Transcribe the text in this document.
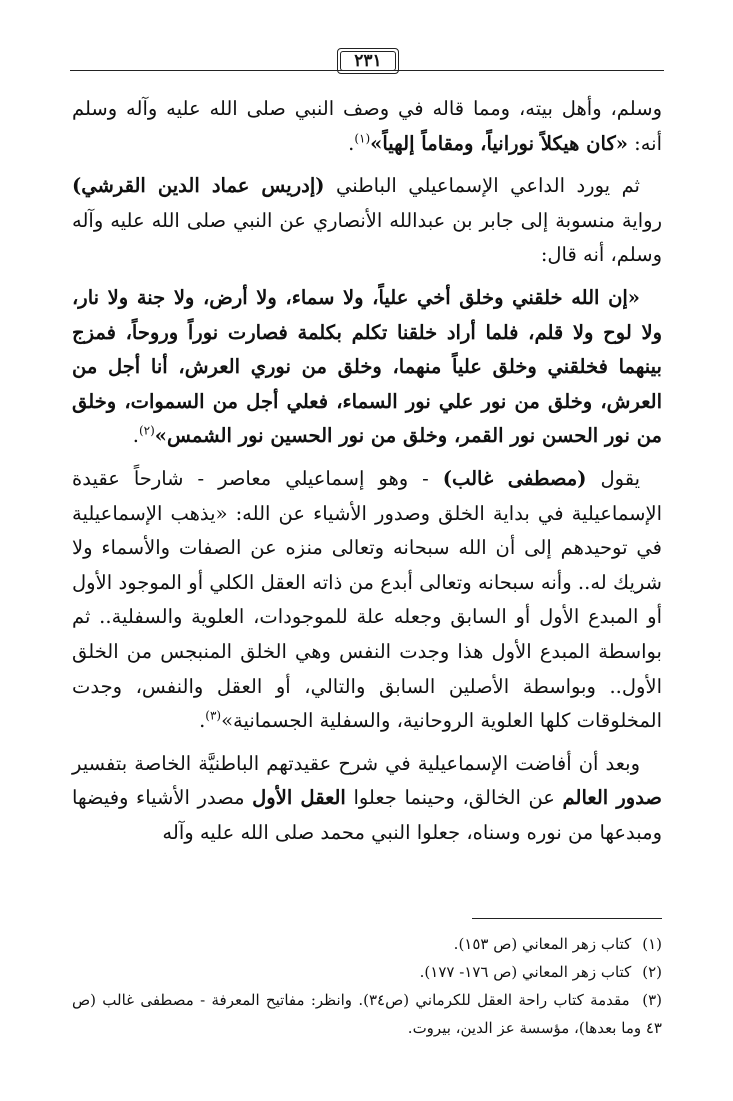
٢٣١

وسلم، وأهل بيته، ومما قاله في وصف النبي صلى الله عليه وآله وسلم أنه: «كان هيكلاً نورانياً، ومقاماً إلهياً»$^{(١)}$.

ثم يورد الداعي الإسماعيلي الباطني (إدريس عماد الدين القرشي) رواية منسوبة إلى جابر بن عبدالله الأنصاري عن النبي صلى الله عليه وآله وسلم، أنه قال:

«إن الله خلقني وخلق أخي علياً، ولا سماء، ولا أرض، ولا جنة ولا نار، ولا لوح ولا قلم، فلما أراد خلقنا تكلم بكلمة فصارت نوراً وروحاً، فمزج بينهما فخلقني وخلق علياً منهما، وخلق من نوري العرش، أنا أجل من العرش، وخلق من نور علي نور السماء، فعلي أجل من السموات، وخلق من نور الحسن نور القمر، وخلق من نور الحسين نور الشمس»$^{(٢)}$.

يقول (مصطفى غالب) - وهو إسماعيلي معاصر - شارحاً عقيدة الإسماعيلية في بداية الخلق وصدور الأشياء عن الله: «يذهب الإسماعيلية في توحيدهم إلى أن الله سبحانه وتعالى منزه عن الصفات والأسماء ولا شريك له.. وأنه سبحانه وتعالى أبدع من ذاته العقل الكلي أو الموجود الأول أو المبدع الأول أو السابق وجعله علة للموجودات، العلوية والسفلية.. ثم بواسطة المبدع الأول هذا وجدت النفس وهي الخلق المنبجس من الخلق الأول.. وبواسطة الأصلين السابق والتالي، أو العقل والنفس، وجدت المخلوقات كلها العلوية الروحانية، والسفلية الجسمانية»$^{(٣)}$.

وبعد أن أفاضت الإسماعيلية في شرح عقيدتهم الباطنيَّة الخاصة بتفسير صدور العالم عن الخالق، وحينما جعلوا العقل الأول مصدر الأشياء وفيضها ومبدعها من نوره وسناه، جعلوا النبي محمد صلى الله عليه وآله

(١) كتاب زهر المعاني (ص ١٥٣).

(٢) كتاب زهر المعاني (ص ١٧٦- ١٧٧).

(٣) مقدمة كتاب راحة العقل للكرماني (ص٣٤). وانظر: مفاتيح المعرفة - مصطفى غالب (ص ٤٣ وما بعدها)، مؤسسة عز الدين، بيروت.
